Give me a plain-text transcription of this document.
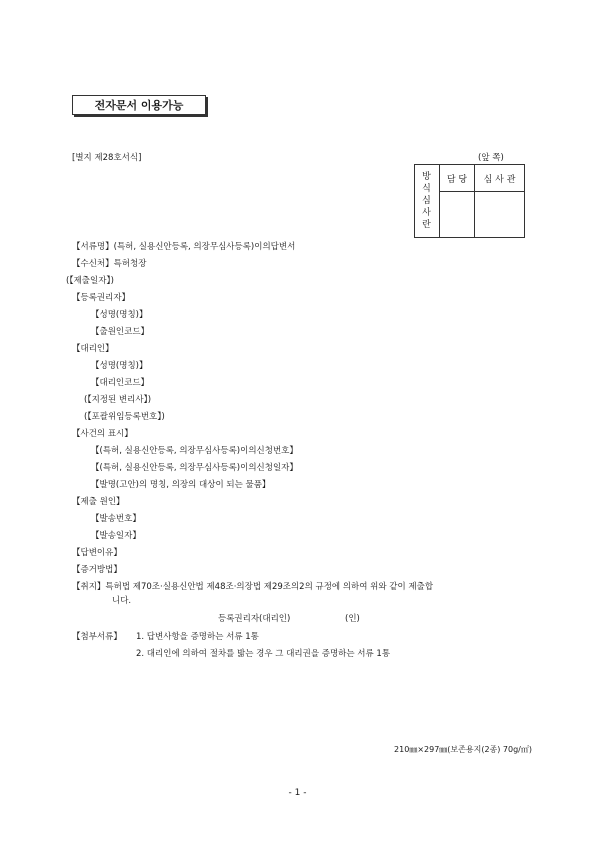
전자문서 이용가능
[별지 제28호서식]	(앞 쪽)
방식심사란	담 당	심 사 관

【서류명】(특허, 실용신안등록, 의장무심사등록)이의답변서
【수신처】특허청장
(【제출일자】)
【등록권리자】
【성명(명칭)】
【출원인코드】
【대리인】
【성명(명칭)】
【대리인코드】
(【지정된 변리사】)
(【포괄위임등록번호】)
【사건의 표시】
【(특허, 실용신안등록, 의장무심사등록)이의신청번호】
【(특허, 실용신안등록, 의장무심사등록)이의신청일자】
【발명(고안)의 명칭, 의장의 대상이 되는 물품】
【제출 원인】
【발송번호】
【발송일자】
【답변이유】
【증거방법】
【취지】특허법 제70조·실용신안법 제48조·의장법 제29조의2의 규정에 의하여 위와 같이 제출합
니다.
등록권리자(대리인)	(인)
【첨부서류】 1. 답변사항을 증명하는 서류 1통
2. 대리인에 의하여 절차를 밟는 경우 그 대리권을 증명하는 서류 1통
210㎜×297㎜(보존용지(2종) 70g/㎡)
- 1 -
